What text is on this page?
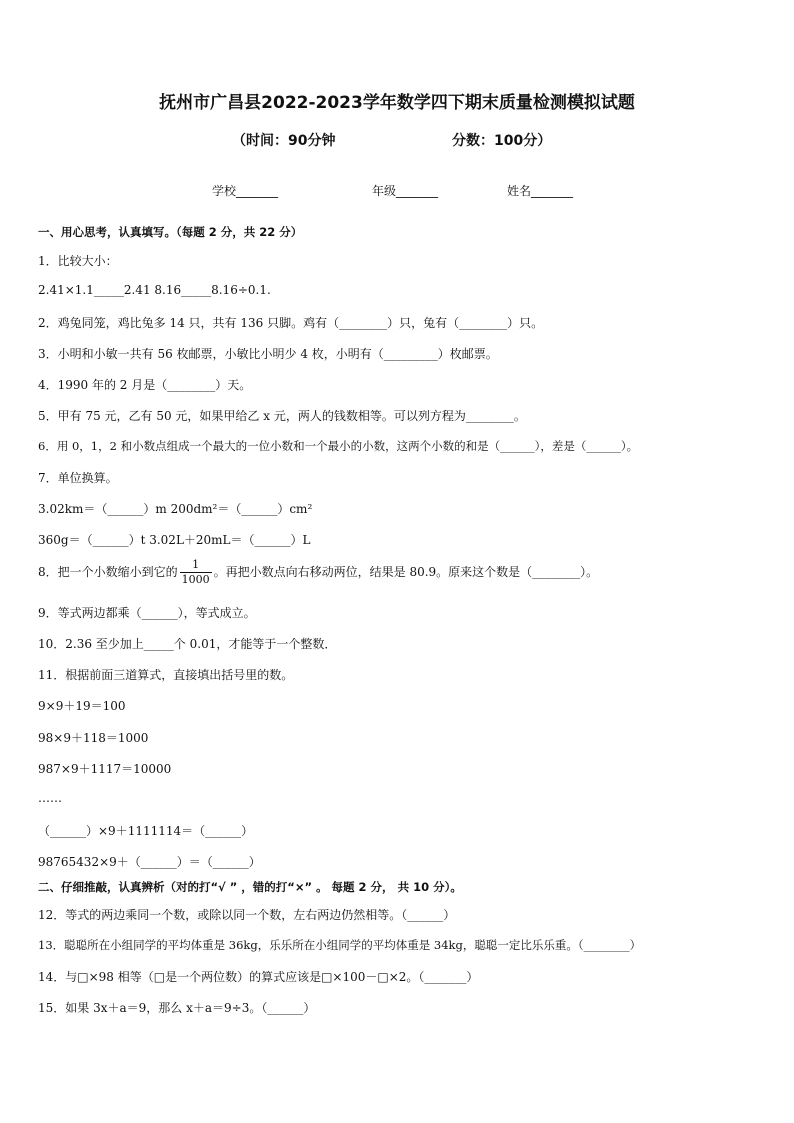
抚州市广昌县2022-2023学年数学四下期末质量检测模拟试题
（时间：90分钟	分数：100分）
学校_______	年级_______	姓名_______
一、用心思考，认真填写。（每题 2 分，共 22 分）
1．比较大小：
2.41×1.1_____2.41 8.16_____8.16÷0.1.
2．鸡兔同笼，鸡比兔多 14 只，共有 136 只脚。鸡有（________）只，兔有（________）只。
3．小明和小敏一共有 56 枚邮票，小敏比小明少 4 枚，小明有（_________）枚邮票。
4．1990 年的 2 月是（________）天。
5．甲有 75 元，乙有 50 元，如果甲给乙 x 元，两人的钱数相等。可以列方程为________。
6．用 0，1，2 和小数点组成一个最大的一位小数和一个最小的小数，这两个小数的和是（______），差是（______）。
7．单位换算。
3.02km＝（______）m 200dm²＝（______）cm²
360g＝（______）t 3.02L＋20mL＝（______）L
8．把一个小数缩小到它的 $\frac{1}{1000}$ 。再把小数点向右移动两位，结果是 80.9。原来这个数是（________）。
9．等式两边都乘（______），等式成立。
10．2.36 至少加上_____个 0.01，才能等于一个整数．
11．根据前面三道算式，直接填出括号里的数。
9×9＋19＝100
98×9＋118＝1000
987×9＋1117＝10000
……
（______）×9＋1111114＝（______）
98765432×9＋（______）＝（______）
二、仔细推敲，认真辨析（对的打“√ ” ，错的打“×” 。 每题 2 分， 共 10 分）。
12．等式的两边乘同一个数，或除以同一个数，左右两边仍然相等。（______）
13．聪聪所在小组同学的平均体重是 36kg，乐乐所在小组同学的平均体重是 34kg，聪聪一定比乐乐重。（________）
14．与□×98 相等（□是一个两位数）的算式应该是□×100－□×2。（_______）
15．如果 3x＋a＝9，那么 x＋a＝9÷3。（______）
